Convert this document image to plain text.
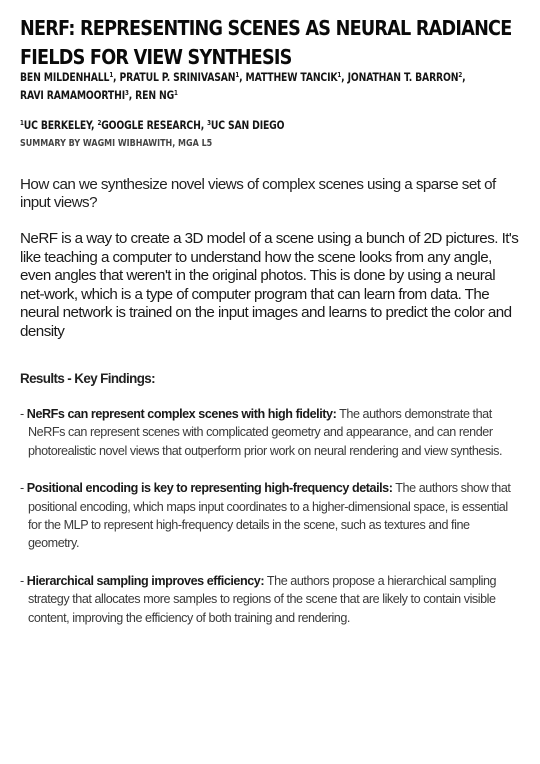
NERF: REPRESENTING SCENES AS NEURAL RADIANCE FIELDS FOR VIEW SYNTHESIS
BEN MILDENHALL$^1$, PRATUL P. SRINIVASAN$^1$, MATTHEW TANCIK$^1$, JONATHAN T. BARRON$^2$,
RAVI RAMAMOORTHI$^3$, REN $NG^1$
$^1$UC BERKELEY, $^2$GOOGLE RESEARCH, $^3$UC SAN DIEGO
SUMMARY BY WAGMI WIBHAWITH, MGA L5
How can we synthesize novel views of complex scenes using a sparse set of input views?
NeRF is a way to create a 3D model of a scene using a bunch of 2D pictures. It's like teaching a computer to understand how the scene looks from any angle, even angles that weren't in the original photos. This is done by using a neural net-work, which is a type of computer program that can learn from data. The neural network is trained on the input images and learns to predict the color and density
Results - Key Findings:
- NeRFs can represent complex scenes with high fidelity: The authors demonstrate that NeRFs can represent scenes with complicated geometry and appearance, and can render photorealistic novel views that outperform prior work on neural rendering and view synthesis.
- Positional encoding is key to representing high-frequency details: The authors show that positional encoding, which maps input coordinates to a higher-dimensional space, is essential for the MLP to represent high-frequency details in the scene, such as textures and fine geometry.
- Hierarchical sampling improves efficiency: The authors propose a hierarchical sampling strategy that allocates more samples to regions of the scene that are likely to contain visible content, improving the efficiency of both training and rendering.
